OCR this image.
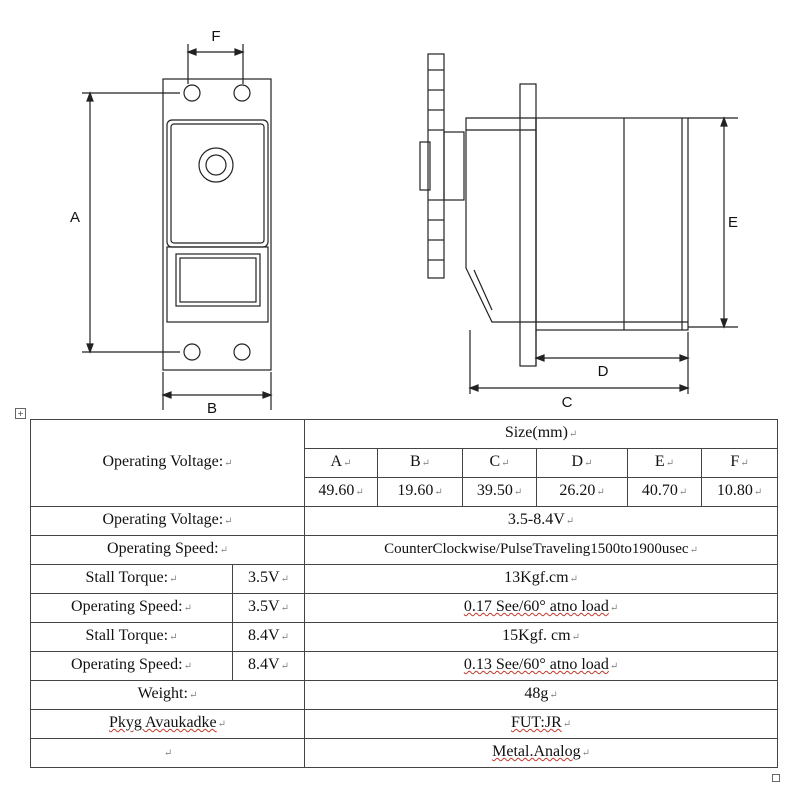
F
A
B
E
D
C
+
Operating Voltage:↵		Size(mm)↵					
		A↵	B↵	C↵	D↵	E↵	F↵
		49.60↵	19.60↵	39.50↵	26.20↵	40.70↵	10.80↵
Operating Voltage:↵		3.5-8.4V↵					
Operating Speed:↵		CounterClockwise/PulseTraveling1500to1900usec↵					
Stall Torque:↵	3.5V↵	13Kgf.cm↵					
Operating Speed:↵	3.5V↵	0.17 See/60° atno load↵					
Stall Torque:↵	8.4V↵	15Kgf. cm↵					
Operating Speed:↵	8.4V↵	0.13 See/60° atno load↵					
Weight:↵		48g↵					
Pkyg Avaukadke↵		FUT:JR↵					
↵		Metal.Analog↵					
